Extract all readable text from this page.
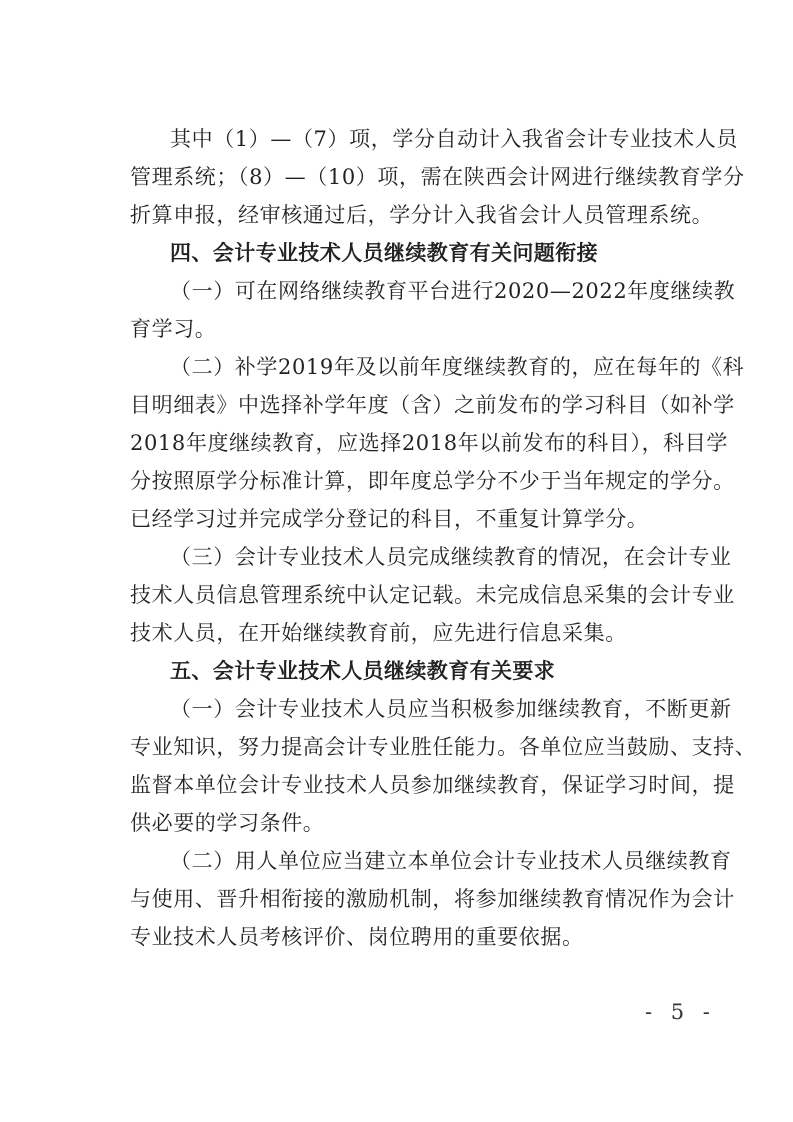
其中（1）—（7）项，学分自动计入我省会计专业技术人员
管理系统；（8）—（10）项，需在陕西会计网进行继续教育学分
折算申报，经审核通过后，学分计入我省会计人员管理系统。
四、会计专业技术人员继续教育有关问题衔接
（一）可在网络继续教育平台进行2020—2022年度继续教
育学习。
（二）补学2019年及以前年度继续教育的，应在每年的《科
目明细表》中选择补学年度（含）之前发布的学习科目（如补学
2018年度继续教育，应选择2018年以前发布的科目），科目学
分按照原学分标准计算，即年度总学分不少于当年规定的学分。
已经学习过并完成学分登记的科目，不重复计算学分。
（三）会计专业技术人员完成继续教育的情况，在会计专业
技术人员信息管理系统中认定记载。未完成信息采集的会计专业
技术人员，在开始继续教育前，应先进行信息采集。
五、会计专业技术人员继续教育有关要求
（一）会计专业技术人员应当积极参加继续教育，不断更新
专业知识，努力提高会计专业胜任能力。各单位应当鼓励、支持、
监督本单位会计专业技术人员参加继续教育，保证学习时间，提
供必要的学习条件。
（二）用人单位应当建立本单位会计专业技术人员继续教育
与使用、晋升相衔接的激励机制，将参加继续教育情况作为会计
专业技术人员考核评价、岗位聘用的重要依据。
- 5 -
